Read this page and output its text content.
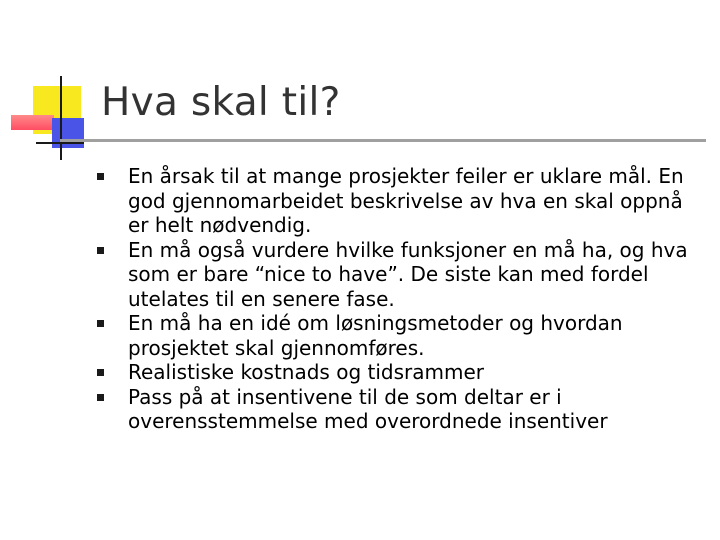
Hva skal til?
En årsak til at mange prosjekter feiler er uklare mål. En god gjennomarbeidet beskrivelse av hva en skal oppnå er helt nødvendig.
En må også vurdere hvilke funksjoner en må ha, og hva som er bare “nice to have”. De siste kan med fordel utelates til en senere fase.
En må ha en idé om løsningsmetoder og hvordan prosjektet skal gjennomføres.
Realistiske kostnads og tidsrammer
Pass på at insentivene til de som deltar er i overensstemmelse med overordnede insentiver
